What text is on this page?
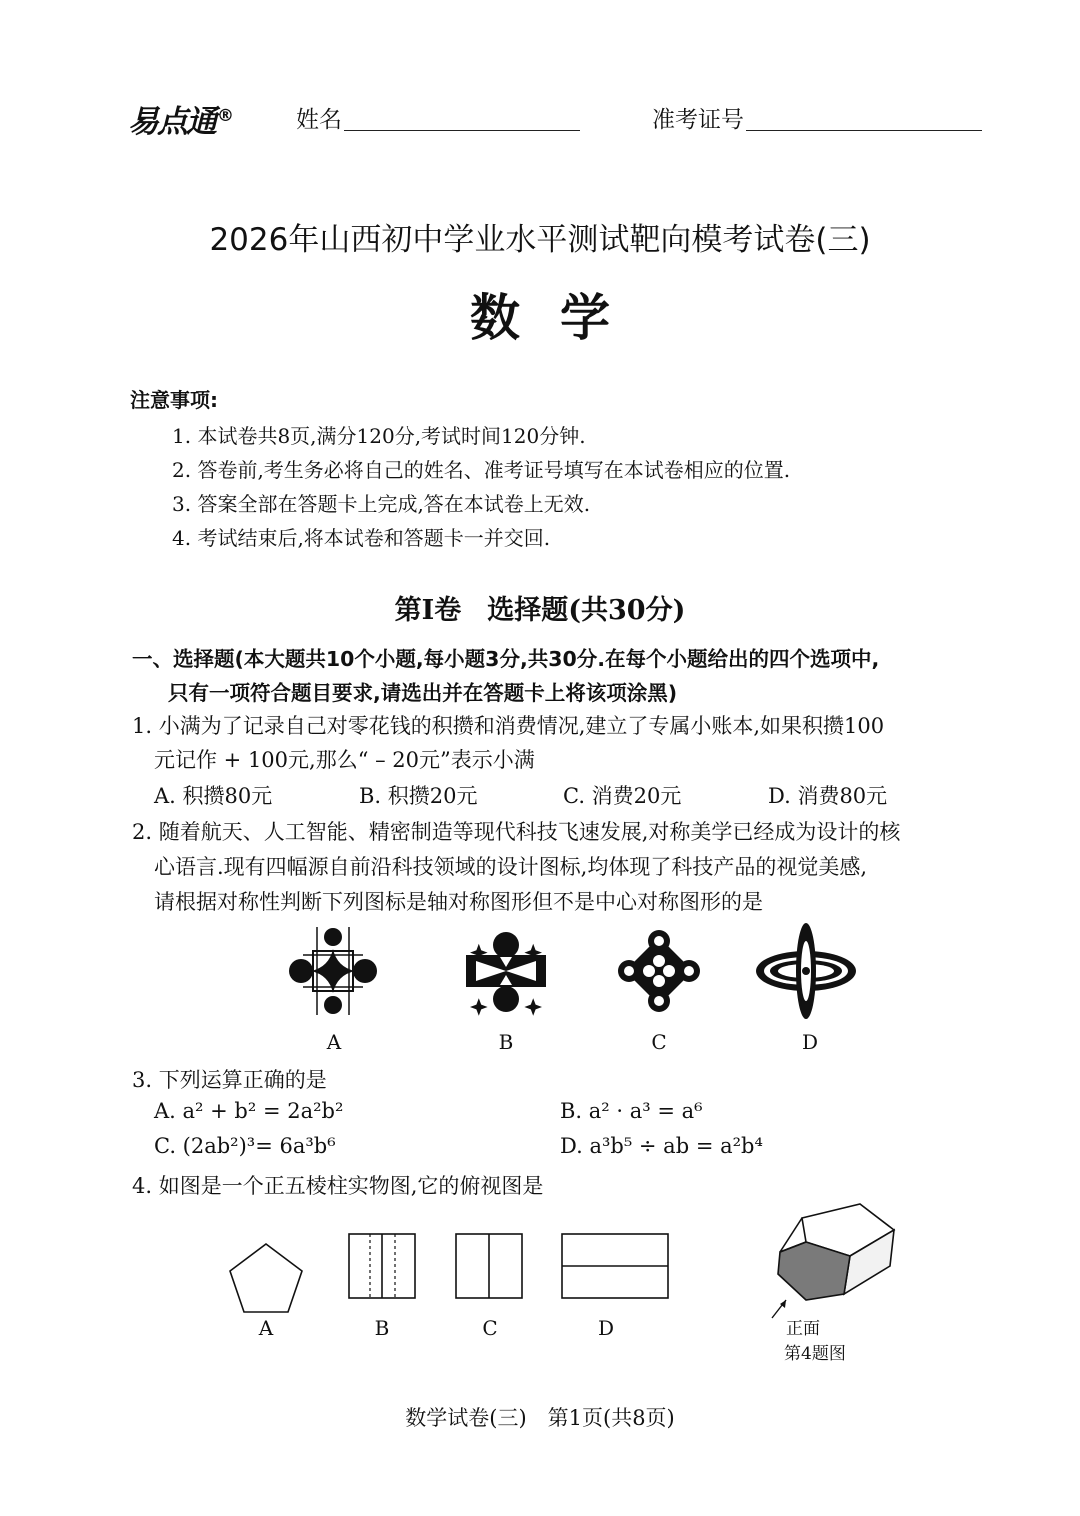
易点通 ®	姓名	准考证号
2026年山西初中学业水平测试靶向模考试卷(三)
数学
注意事项:
1. 本试卷共8页,满分120分,考试时间120分钟.
2. 答卷前,考生务必将自己的姓名、准考证号填写在本试卷相应的位置.
3. 答案全部在答题卡上完成,答在本试卷上无效.
4. 考试结束后,将本试卷和答题卡一并交回.
第Ⅰ卷 选择题(共30分)
一、选择题(本大题共10个小题,每小题3分,共30分.在每个小题给出的四个选项中,
只有一项符合题目要求,请选出并在答题卡上将该项涂黑)
1. 小满为了记录自己对零花钱的积攒和消费情况,建立了专属小账本,如果积攒100
元记作 + 100元,那么“ – 20元”表示小满
A. 积攒80元	B. 积攒20元	C. 消费20元	D. 消费80元
2. 随着航天、人工智能、精密制造等现代科技飞速发展,对称美学已经成为设计的核
心语言.现有四幅源自前沿科技领域的设计图标,均体现了科技产品的视觉美感,
请根据对称性判断下列图标是轴对称图形但不是中心对称图形的是
A	B	C	D
3. 下列运算正确的是
A. a² + b² = 2a²b²	B. a² · a³ = a⁶
C. (2ab²)³= 6a³b⁶	D. a³b⁵ ÷ ab = a²b⁴
4. 如图是一个正五棱柱实物图,它的俯视图是
A	B	C	D	正面
第4题图
数学试卷(三)　第1页(共8页)
